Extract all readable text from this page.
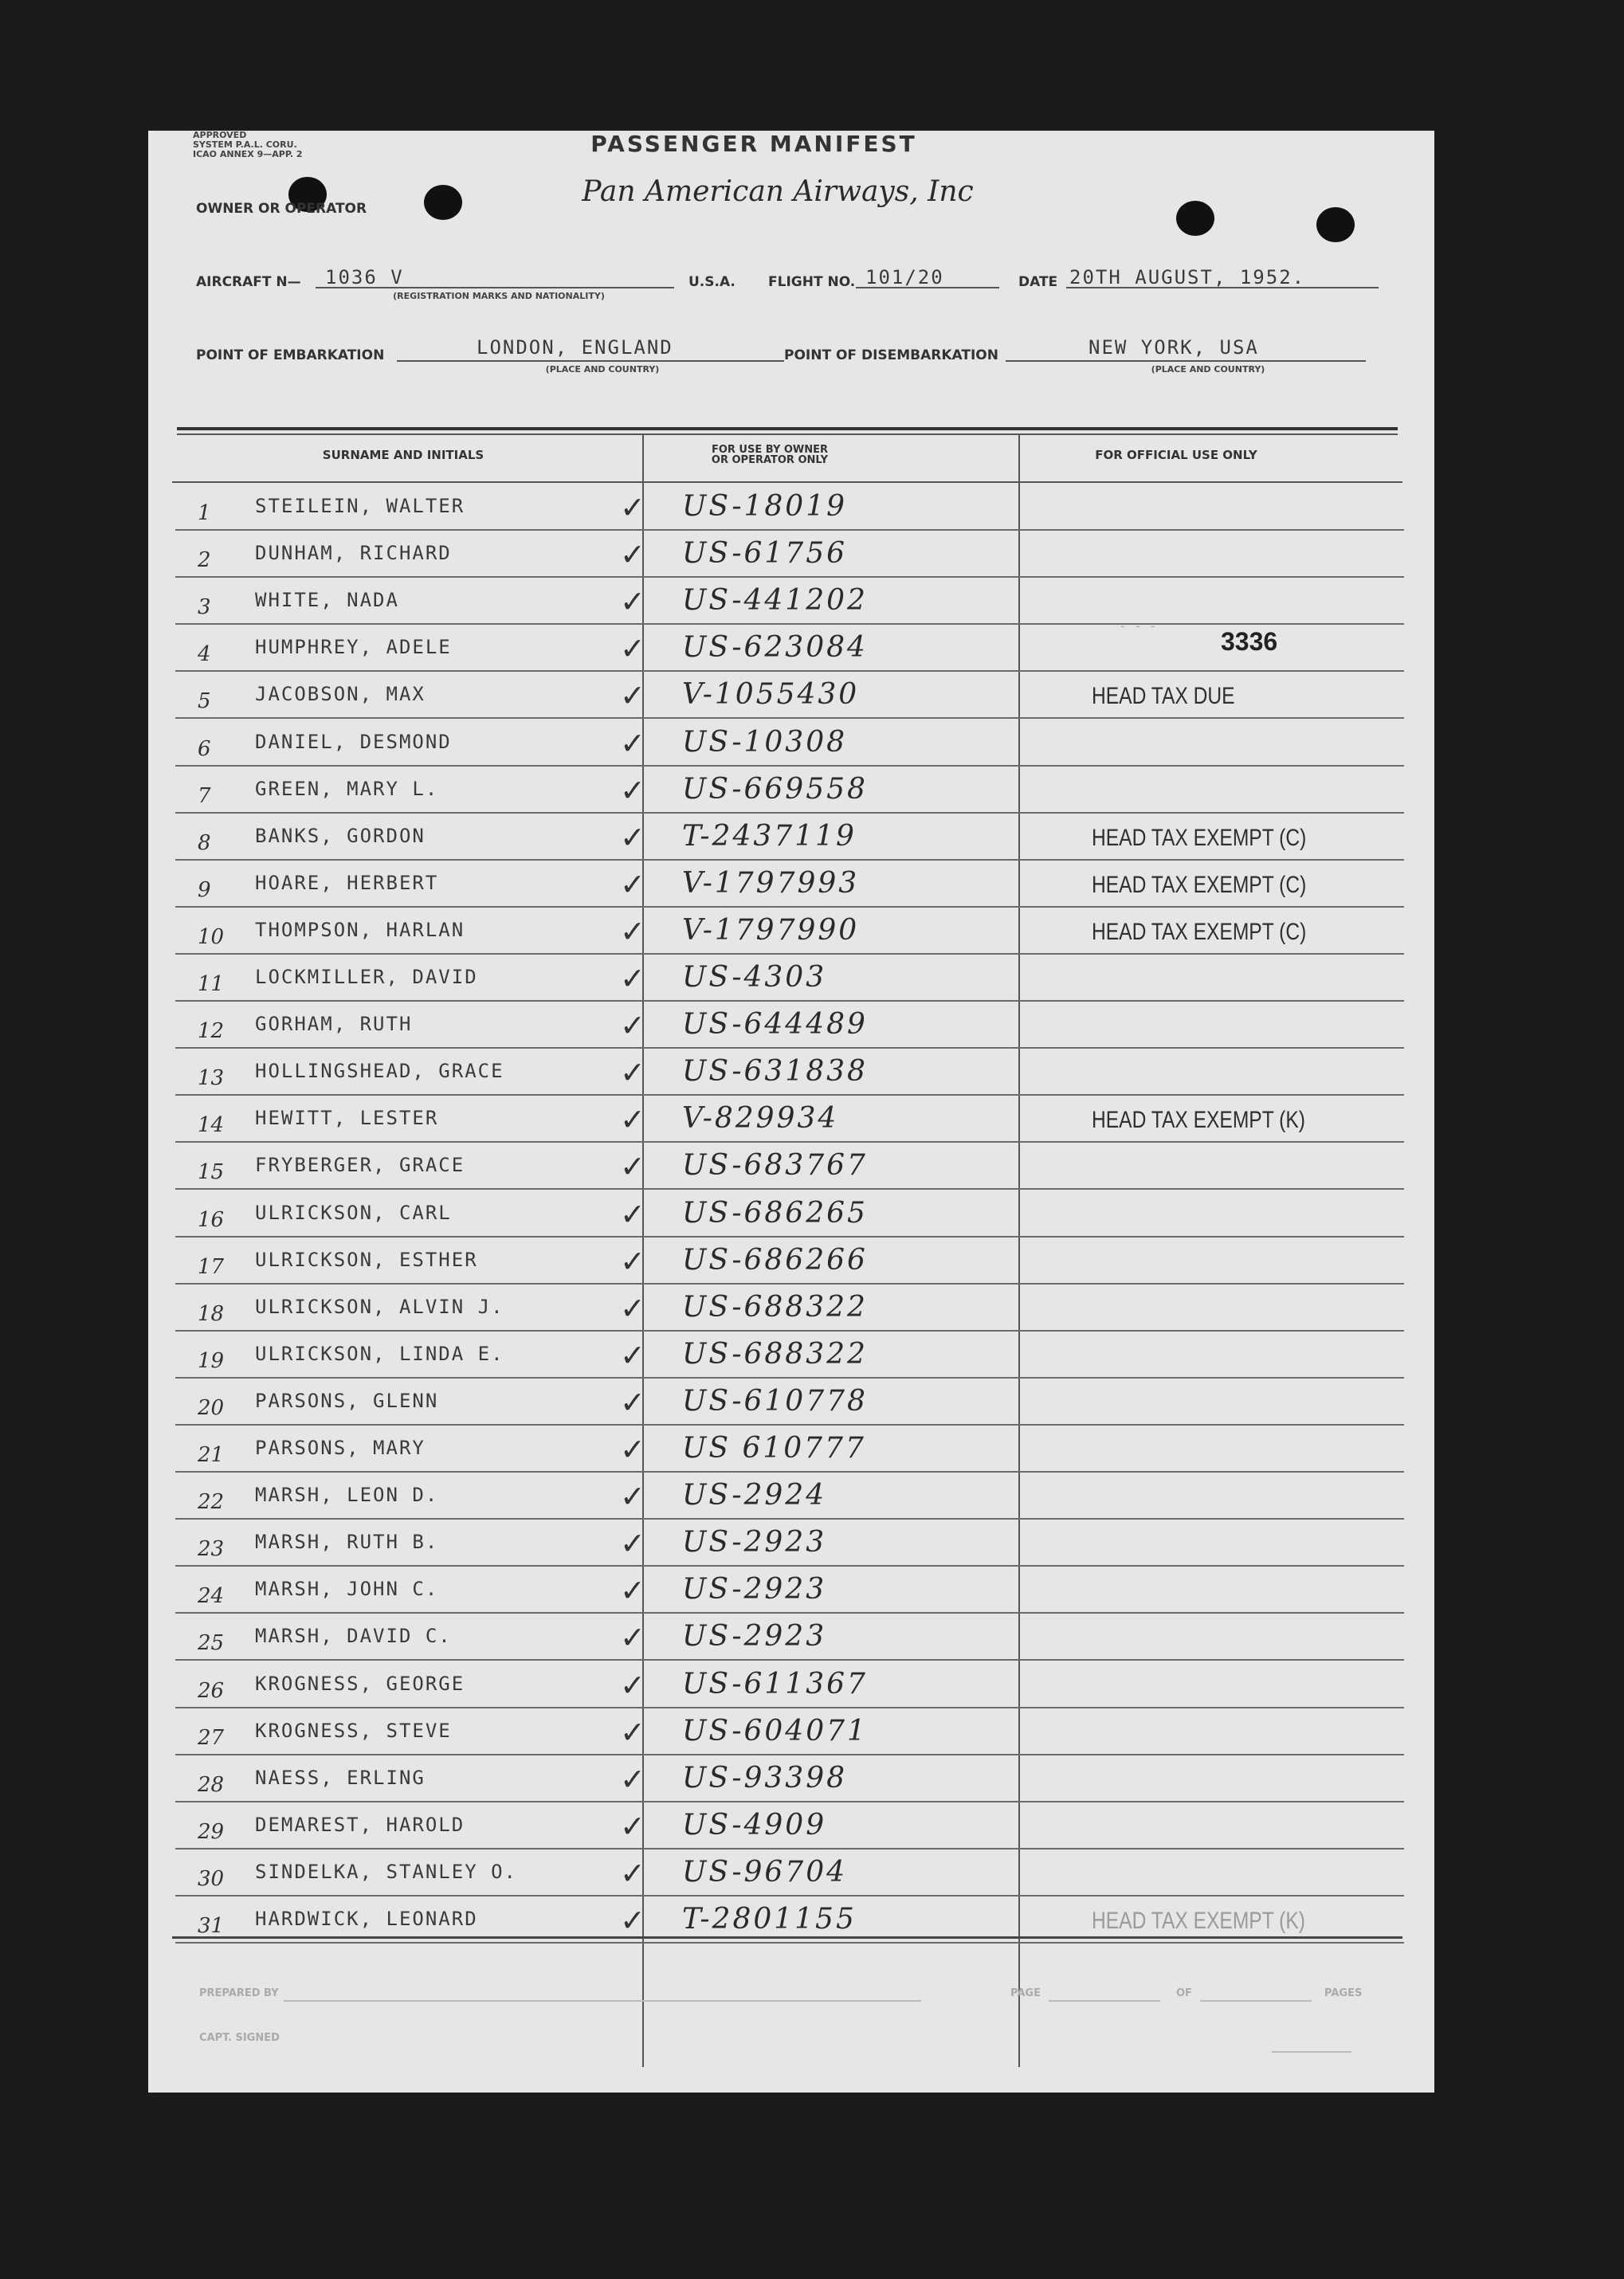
APPROVED
SYSTEM P.A.L. CORU.
ICAO ANNEX 9—APP. 2	PASSENGER MANIFEST
Pan American Airways, Inc
OWNER OR OPERATOR
AIRCRAFT N— 1036 V
(REGISTRATION MARKS AND NATIONALITY)
U.S.A. FLIGHT NO. 101/20	DATE 20TH AUGUST, 1952.
POINT OF EMBARKATION	LONDON, ENGLAND
(PLACE AND COUNTRY)
POINT OF DISEMBARKATION	NEW YORK, USA
(PLACE AND COUNTRY)
SURNAME AND INITIALS	FOR USE BY OWNER
OR OPERATOR ONLY	FOR OFFICIAL USE ONLY
- - -
3336
1	STEILEIN, WALTER	✓ US-18019
2	DUNHAM, RICHARD	✓ US-61756
3	WHITE, NADA	✓ US-441202
4	HUMPHREY, ADELE	✓ US-623084
5	JACOBSON, MAX	✓ V-1055430	HEAD TAX DUE
6	DANIEL, DESMOND	✓ US-10308
7	GREEN, MARY L.	✓ US-669558
8	BANKS, GORDON	✓ T-2437119	HEAD TAX EXEMPT (C)
9	HOARE, HERBERT	✓ V-1797993	HEAD TAX EXEMPT (C)
10	THOMPSON, HARLAN	✓ V-1797990	HEAD TAX EXEMPT (C)
11	LOCKMILLER, DAVID	✓ US-4303
12	GORHAM, RUTH	✓ US-644489
13	HOLLINGSHEAD, GRACE	✓ US-631838
14	HEWITT, LESTER	✓ V-829934	HEAD TAX EXEMPT (K)
15	FRYBERGER, GRACE	✓ US-683767
16	ULRICKSON, CARL	✓ US-686265
17	ULRICKSON, ESTHER	✓ US-686266
18	ULRICKSON, ALVIN J.	✓ US-688322
19	ULRICKSON, LINDA E.	✓ US-688322
20	PARSONS, GLENN	✓ US-610778
21	PARSONS, MARY	✓ US 610777
22	MARSH, LEON D.	✓ US-2924
23	MARSH, RUTH B.	✓ US-2923
24	MARSH, JOHN C.	✓ US-2923
25	MARSH, DAVID C.	✓ US-2923
26	KROGNESS, GEORGE	✓ US-611367
27	KROGNESS, STEVE	✓ US-604071
28	NAESS, ERLING	✓ US-93398
29	DEMAREST, HAROLD	✓ US-4909
30	SINDELKA, STANLEY O.	✓ US-96704
31	HARDWICK, LEONARD	✓ T-2801155	HEAD TAX EXEMPT (K)
PREPARED BY	PAGE	OF	PAGES
CAPT. SIGNED
